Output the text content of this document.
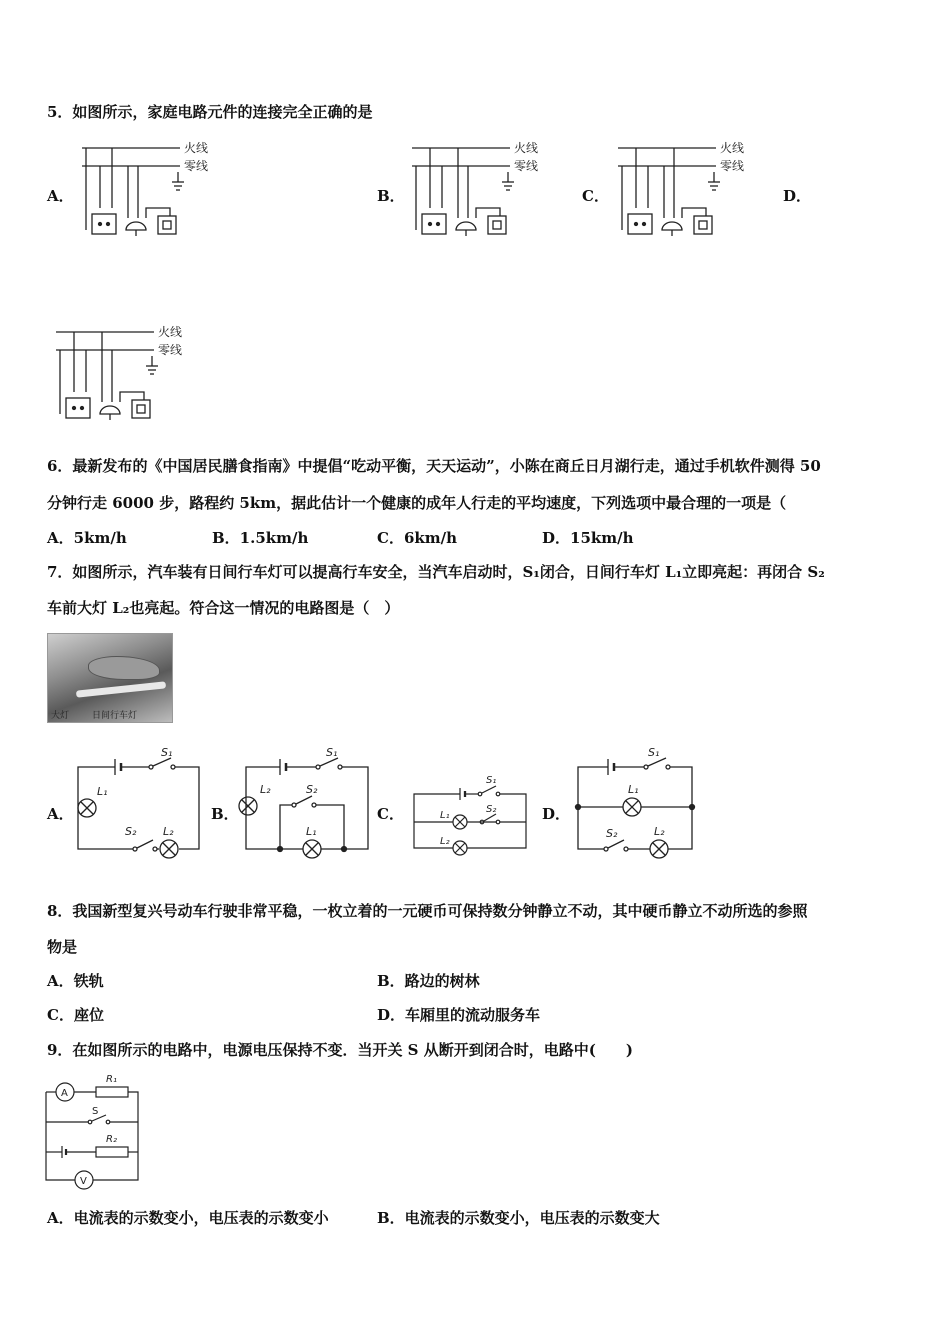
5．如图所示，家庭电路元件的连接完全正确的是
A．
火线
零线
B．
火线
零线
C．
火线
零线
D．
火线
零线
6．最新发布的《中国居民膳食指南》中提倡“吃动平衡，天天运动”，小陈在商丘日月湖行走，通过手机软件测得 50
分钟行走 6000 步，路程约 5km，据此估计一个健康的成年人行走的平均速度，下列选项中最合理的一项是（
A．5km/h	B．1.5km/h	C．6km/h	D．15km/h
7．如图所示，汽车装有日间行车灯可以提高行车安全，当汽车启动时，S₁闭合，日间行车灯 L₁立即亮起：再闭合 S₂
车前大灯 L₂也亮起。符合这一情况的电路图是（　）
大灯	日间行车灯
A．
S₁
L₁
S₂ L₂
B．
S₁
L₂	S₂
L₁
C．
S₁
S₂
L₁
L₂
D．
S₁
L₁
S₂	L₂
8．我国新型复兴号动车行驶非常平稳，一枚立着的一元硬币可保持数分钟静立不动，其中硬币静立不动所选的参照
物是
A．铁轨	B．路边的树林
C．座位	D．车厢里的流动服务车
9．在如图所示的电路中，电源电压保持不变．当开关 S 从断开到闭合时，电路中(　　)
A
R₁
S
R₂
V
A．电流表的示数变小，电压表的示数变小	B．电流表的示数变小，电压表的示数变大
